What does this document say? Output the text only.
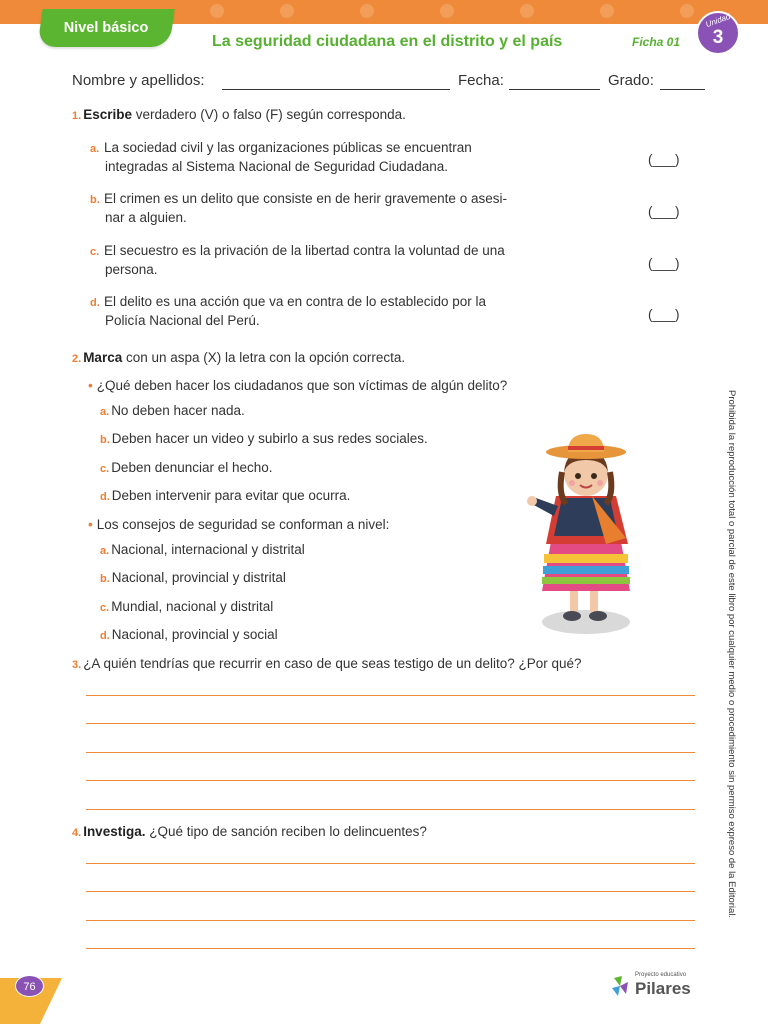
Nivel básico
La seguridad ciudadana en el distrito y el país	Ficha 01
Unidad
3
Nombre y apellidos:	Fecha:	Grado:
1. Escribe verdadero (V) o falso (F) según corresponda.
a. La sociedad civil y las organizaciones públicas se encuentran
integradas al Sistema Nacional de Seguridad Ciudadana.	(___)
b. El crimen es un delito que consiste en de herir gravemente o asesi-
nar a alguien.	(___)
c. El secuestro es la privación de la libertad contra la voluntad de una
persona.	(___)
d. El delito es una acción que va en contra de lo establecido por la
Policía Nacional del Perú.	(___)
2. Marca con un aspa (X) la letra con la opción correcta.
• ¿Qué deben hacer los ciudadanos que son víctimas de algún delito?
a. No deben hacer nada.
b. Deben hacer un video y subirlo a sus redes sociales.
c. Deben denunciar el hecho.
d. Deben intervenir para evitar que ocurra.
• Los consejos de seguridad se conforman a nivel:
a. Nacional, internacional y distrital
b. Nacional, provincial y distrital
c. Mundial, nacional y distrital
d. Nacional, provincial y social
3. ¿A quién tendrías que recurrir en caso de que seas testigo de un delito? ¿Por qué?
4. Investiga. ¿Qué tipo de sanción reciben lo delincuentes?	Prohibida la reproducción total o parcial de este libro por cualquier medio o procedimiento sin permiso expreso de la Editorial.
76
Proyecto educativo
Pilares
